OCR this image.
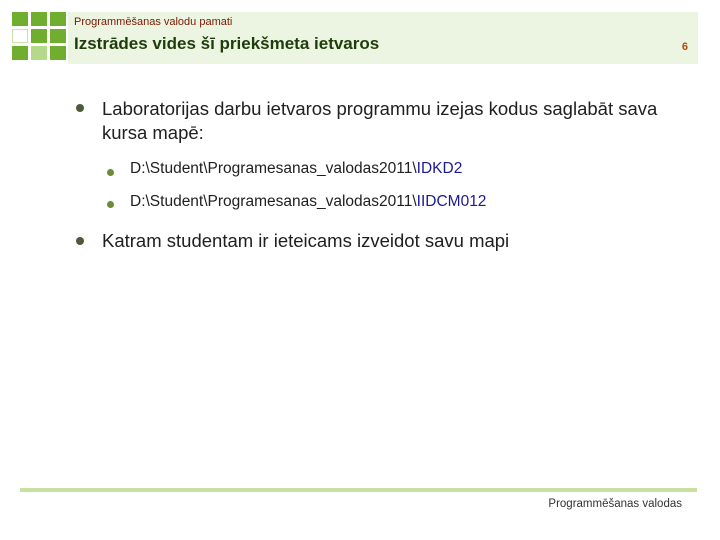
Programmēšanas valodu pamati
Izstrādes vides šī priekšmeta ietvaros	6
Laboratorijas darbu ietvaros programmu izejas kodus saglabāt sava kursa mapē:
D:\Student\Programesanas_valodas2011\IDKD2
D:\Student\Programesanas_valodas2011\IIDCM012
Katram studentam ir ieteicams izveidot savu mapi
Programmēšanas valodas
